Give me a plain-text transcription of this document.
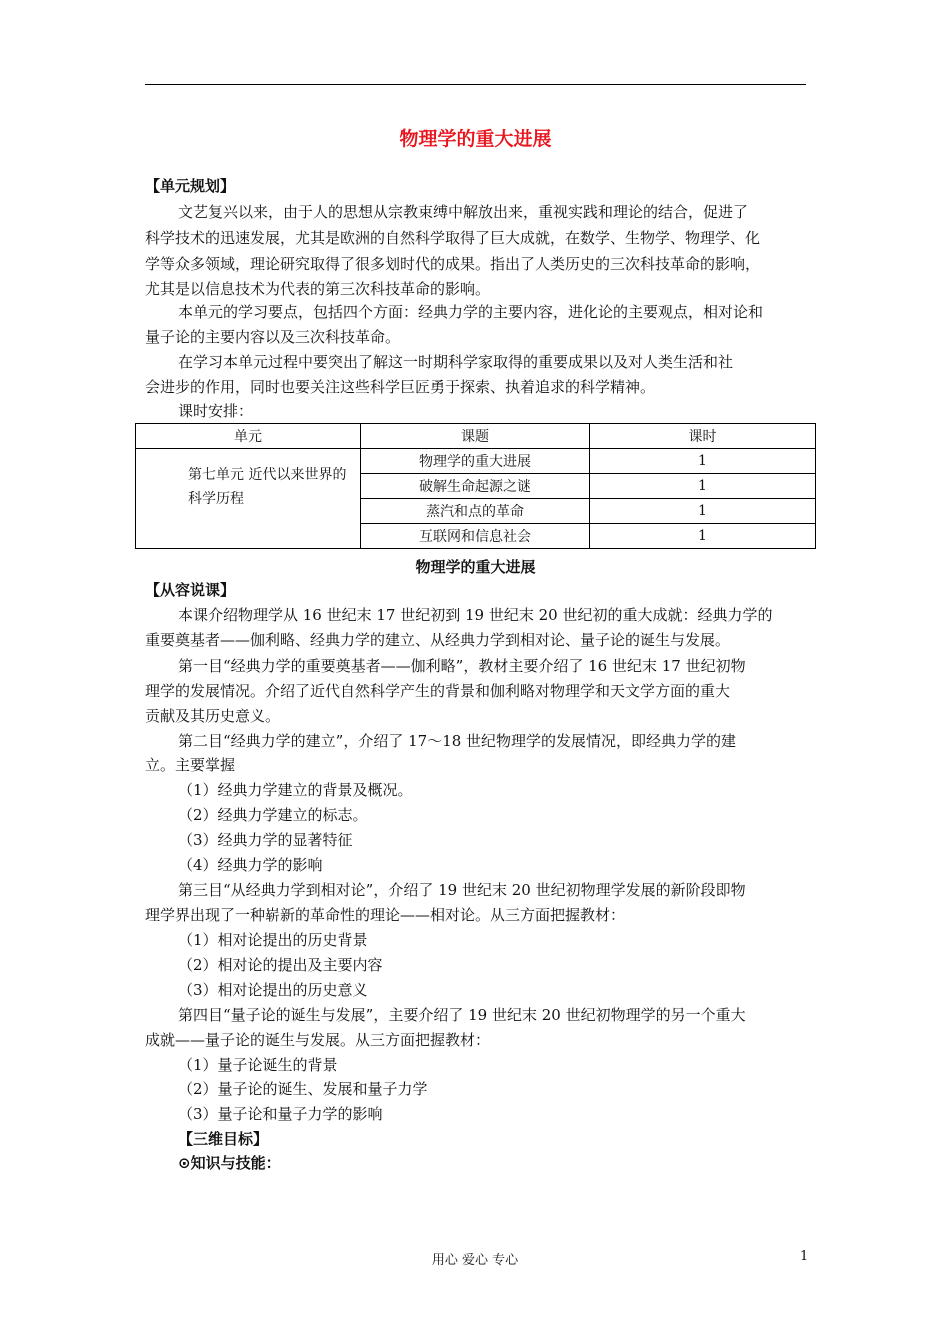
物理学的重大进展
【单元规划】
文艺复兴以来，由于人的思想从宗教束缚中解放出来，重视实践和理论的结合，促进了
科学技术的迅速发展，尤其是欧洲的自然科学取得了巨大成就，在数学、生物学、物理学、化
学等众多领域，理论研究取得了很多划时代的成果。指出了人类历史的三次科技革命的影响，
尤其是以信息技术为代表的第三次科技革命的影响。
本单元的学习要点，包括四个方面：经典力学的主要内容，进化论的主要观点，相对论和
量子论的主要内容以及三次科技革命。
在学习本单元过程中要突出了解这一时期科学家取得的重要成果以及对人类生活和社
会进步的作用，同时也要关注这些科学巨匠勇于探索、执着追求的科学精神。
课时安排：
单元	课题	课时
第七单元 近代以来世界的科学历程	物理学的重大进展	1
	破解生命起源之谜	1
	蒸汽和点的革命	1
	互联网和信息社会	1
物理学的重大进展
【从容说课】
本课介绍物理学从 16 世纪末 17 世纪初到 19 世纪末 20 世纪初的重大成就：经典力学的
重要奠基者——伽利略、经典力学的建立、从经典力学到相对论、量子论的诞生与发展。
第一目“经典力学的重要奠基者——伽利略”，教材主要介绍了 16 世纪末 17 世纪初物
理学的发展情况。介绍了近代自然科学产生的背景和伽利略对物理学和天文学方面的重大
贡献及其历史意义。
第二目“经典力学的建立”，介绍了 17～18 世纪物理学的发展情况，即经典力学的建
立。主要掌握
（1）经典力学建立的背景及概况。
（2）经典力学建立的标志。
（3）经典力学的显著特征
（4）经典力学的影响
第三目“从经典力学到相对论”，介绍了 19 世纪末 20 世纪初物理学发展的新阶段即物
理学界出现了一种崭新的革命性的理论——相对论。从三方面把握教材：
（1）相对论提出的历史背景
（2）相对论的提出及主要内容
（3）相对论提出的历史意义
第四目“量子论的诞生与发展”，主要介绍了 19 世纪末 20 世纪初物理学的另一个重大
成就——量子论的诞生与发展。从三方面把握教材：
（1）量子论诞生的背景
（2）量子论的诞生、发展和量子力学
（3）量子论和量子力学的影响
【三维目标】
⊙知识与技能：
用心 爱心 专心	1
